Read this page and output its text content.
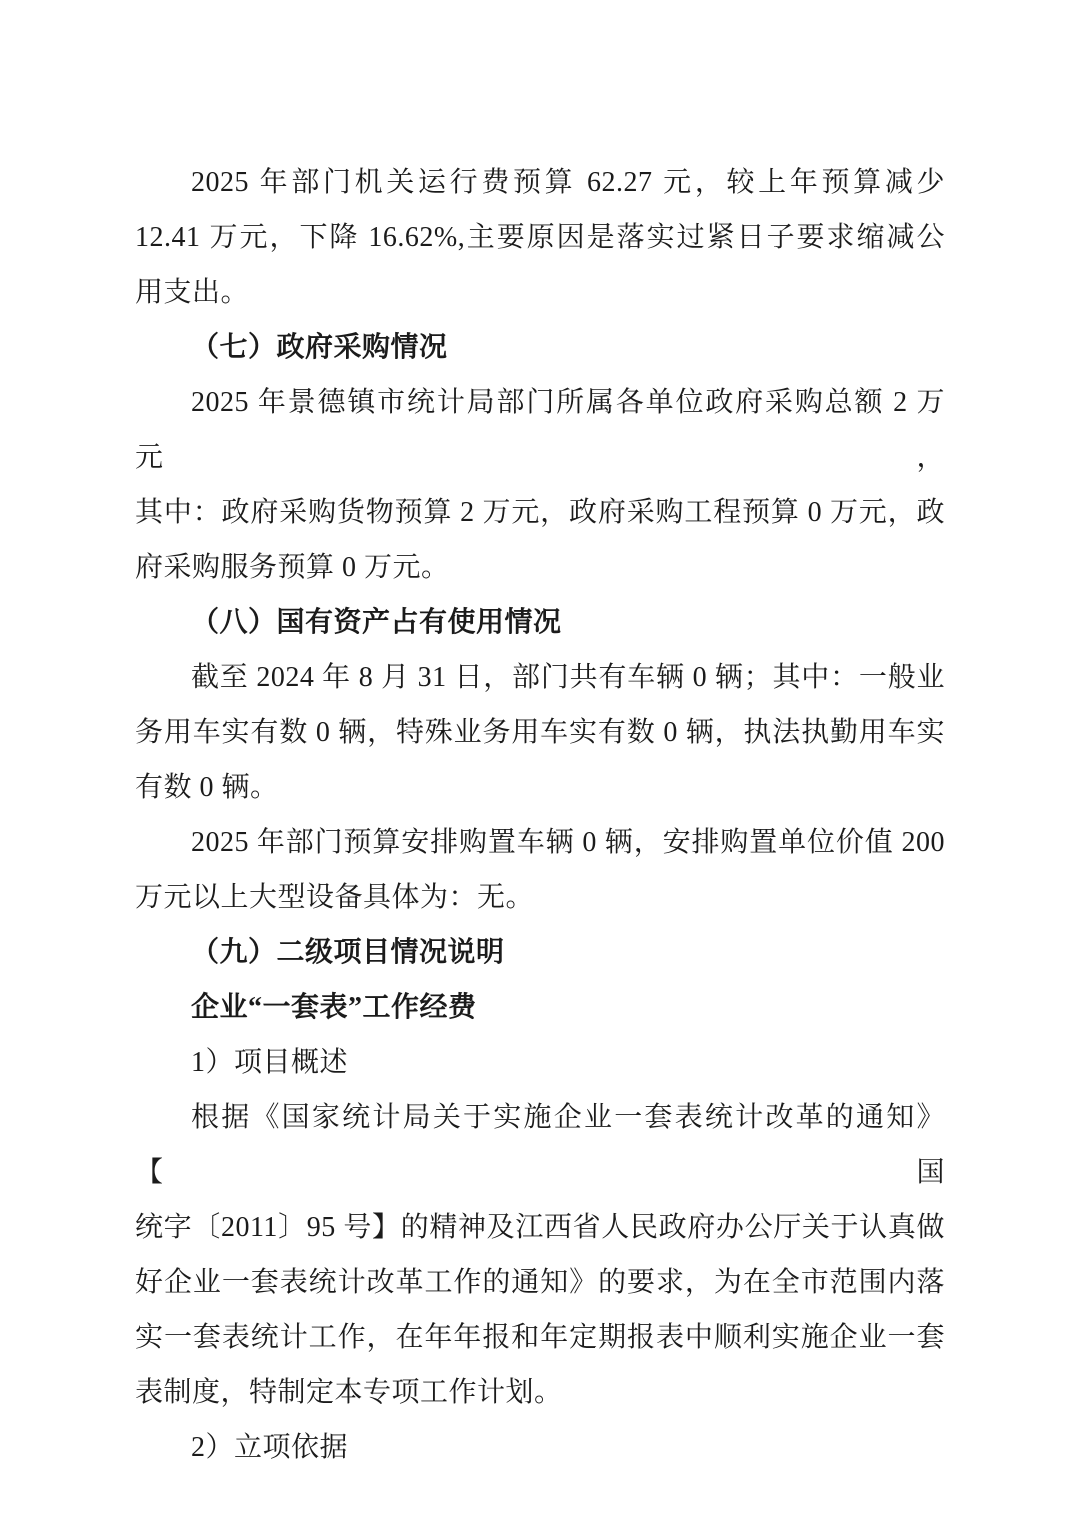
2025 年部门机关运行费预算 62.27 元，较上年预算减少
12.41 万元，下降 16.62%,主要原因是落实过紧日子要求缩减公
用支出。

（七）政府采购情况

2025 年景德镇市统计局部门所属各单位政府采购总额 2 万元，
其中：政府采购货物预算 2 万元，政府采购工程预算 0 万元，政
府采购服务预算 0 万元。

（八）国有资产占有使用情况

截至 2024 年 8 月 31 日，部门共有车辆 0 辆；其中：一般业
务用车实有数 0 辆，特殊业务用车实有数 0 辆，执法执勤用车实
有数 0 辆。

2025 年部门预算安排购置车辆 0 辆，安排购置单位价值 200
万元以上大型设备具体为：无。

（九）二级项目情况说明

企业“一套表”工作经费

1）项目概述

根据《国家统计局关于实施企业一套表统计改革的通知》【国
统字〔2011〕95 号】的精神及江西省人民政府办公厅关于认真做
好企业一套表统计改革工作的通知》的要求，为在全市范围内落
实一套表统计工作，在年年报和年定期报表中顺利实施企业一套
表制度，特制定本专项工作计划。

2）立项依据
